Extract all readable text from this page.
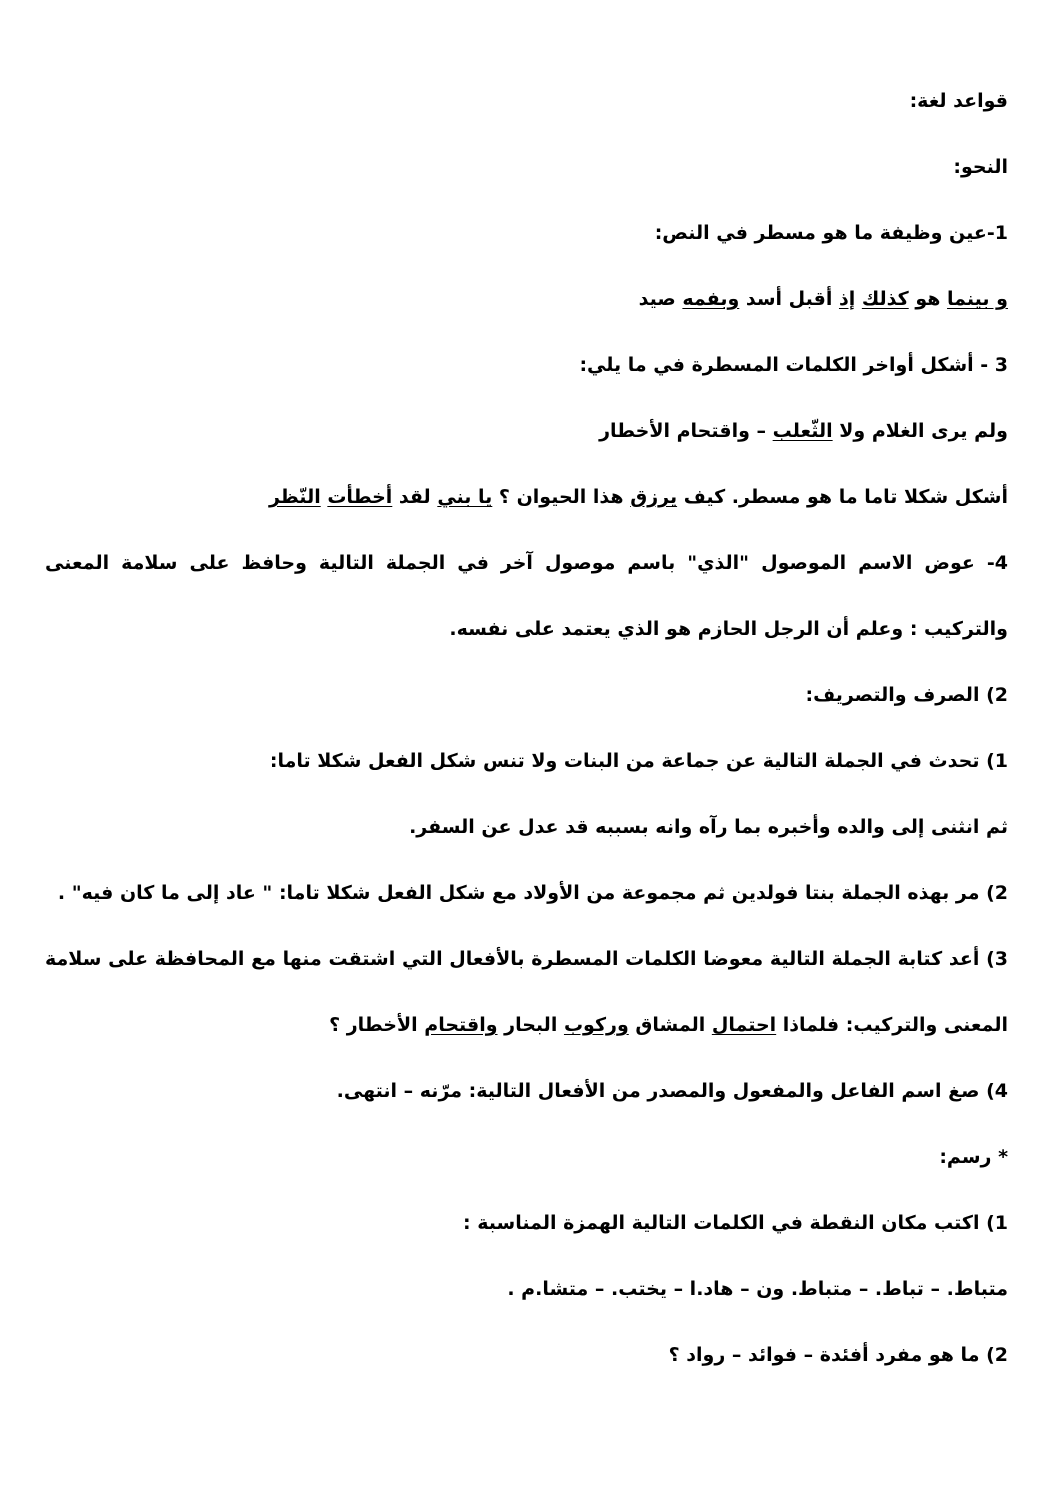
قواعد لغة:
النحو:
1-عين وظيفة ما هو مسطر في النص:
و بينما هو كذلك إذ أقبل أسد وبفمه صيد
3 - أشكل أواخر الكلمات المسطرة في ما يلي:
ولم يرى الغلام ولا الثّعلب – واقتحام الأخطار
أشكل شكلا تاما ما هو مسطر. كيف يرزق هذا الحيوان ؟ يا بني لقد أخطأت النّظر
4- عوض الاسم الموصول "الذي" باسم موصول آخر في الجملة التالية وحافظ على سلامة المعنى
والتركيب : وعلم أن الرجل الحازم هو الذي يعتمد على نفسه.
2) الصرف والتصريف:
1) تحدث في الجملة التالية عن جماعة من البنات ولا تنس شكل الفعل شكلا تاما:
ثم انثنى إلى والده وأخبره بما رآه وانه بسببه قد عدل عن السفر.
2) مر بهذه الجملة بنتا فولدين ثم مجموعة من الأولاد مع شكل الفعل شكلا تاما: " عاد إلى ما كان فيه" .
3) أعد كتابة الجملة التالية معوضا الكلمات المسطرة بالأفعال التي اشتقت منها مع المحافظة على سلامة
المعنى والتركيب: فلماذا احتمال المشاق وركوب البحار واقتحام الأخطار ؟
4) صغ اسم الفاعل والمفعول والمصدر من الأفعال التالية: مرّنه – انتهى.
* رسم:
1) اكتب مكان النقطة في الكلمات التالية الهمزة المناسبة :
متباط. – تباط. – متباط. ون – هاد.ا – يختب. – متشا.م .
2) ما هو مفرد أفئدة – فوائد – رواد ؟
